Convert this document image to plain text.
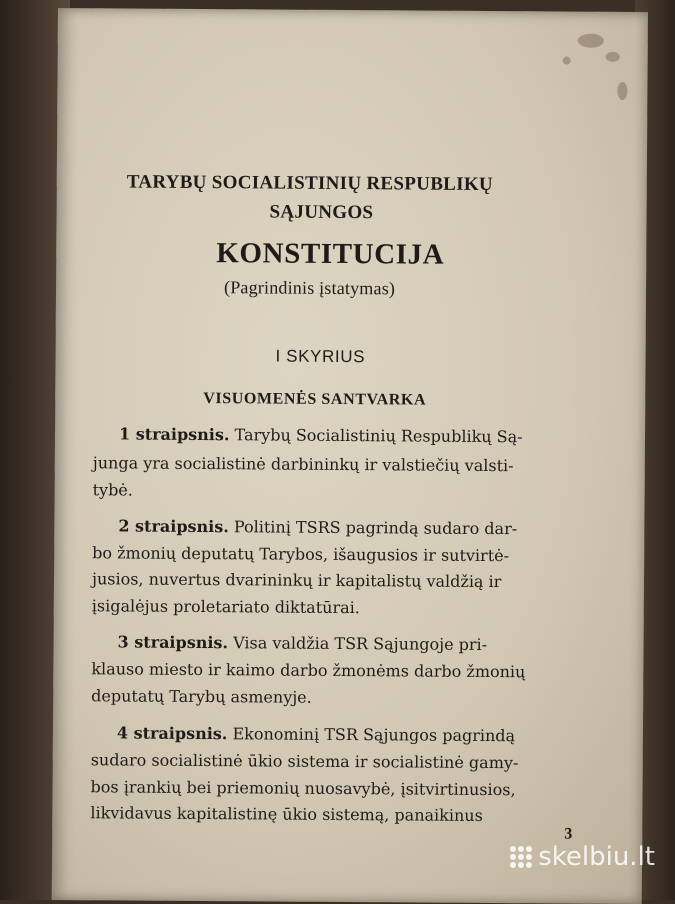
TARYBŲ SOCIALISTINIŲ RESPUBLIKŲ
SĄJUNGOS
KONSTITUCIJA
(Pagrindinis įstatymas)
I SKYRIUS
VISUOMENĖS SANTVARKA
1 straipsnis. Tarybų Socialistinių Respublikų Są-
junga yra socialistinė darbininkų ir valstiečių valsti-
tybė.
2 straipsnis. Politinį TSRS pagrindą sudaro dar-
bo žmonių deputatų Tarybos, išaugusios ir sutvirtė-
jusios, nuvertus dvarininkų ir kapitalistų valdžią ir
įsigalėjus proletariato diktatūrai.
3 straipsnis. Visa valdžia TSR Sąjungoje pri-
klauso miesto ir kaimo darbo žmonėms darbo žmonių
deputatų Tarybų asmenyje.
4 straipsnis. Ekonominį TSR Sąjungos pagrindą
sudaro socialistinė ūkio sistema ir socialistinė gamy-
bos įrankių bei priemonių nuosavybė, įsitvirtinusios,
likvidavus kapitalistinę ūkio sistemą, panaikinus
3
skelbiu.lt
